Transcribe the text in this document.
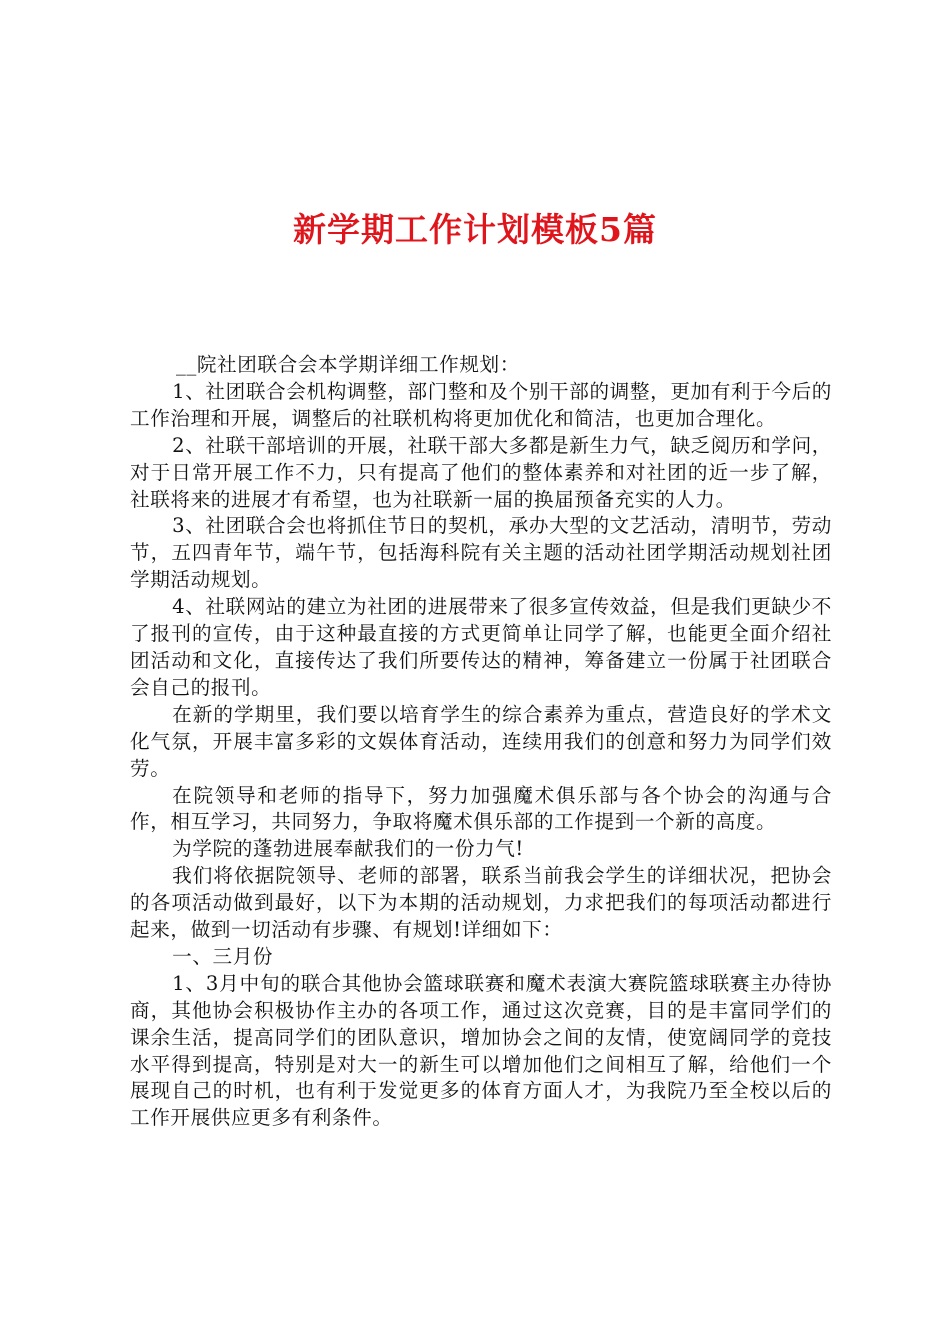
新学期工作计划模板5篇

__院社团联合会本学期详细工作规划：

1、社团联合会机构调整，部门整和及个别干部的调整，更加有利于今后的工作治理和开展，调整后的社联机构将更加优化和简洁，也更加合理化。

2、社联干部培训的开展，社联干部大多都是新生力气，缺乏阅历和学问，对于日常开展工作不力，只有提高了他们的整体素养和对社团的近一步了解，社联将来的进展才有希望，也为社联新一届的换届预备充实的人力。

3、社团联合会也将抓住节日的契机，承办大型的文艺活动，清明节，劳动节，五四青年节，端午节，包括海科院有关主题的活动社团学期活动规划社团学期活动规划。

4、社联网站的建立为社团的进展带来了很多宣传效益，但是我们更缺少不了报刊的宣传，由于这种最直接的方式更简单让同学了解，也能更全面介绍社团活动和文化，直接传达了我们所要传达的精神，筹备建立一份属于社团联合会自己的报刊。

在新的学期里，我们要以培育学生的综合素养为重点，营造良好的学术文化气氛，开展丰富多彩的文娱体育活动，连续用我们的创意和努力为同学们效劳。

在院领导和老师的指导下，努力加强魔术俱乐部与各个协会的沟通与合作，相互学习，共同努力，争取将魔术俱乐部的工作提到一个新的高度。

为学院的蓬勃进展奉献我们的一份力气!

我们将依据院领导、老师的部署，联系当前我会学生的详细状况，把协会的各项活动做到最好，以下为本期的活动规划，力求把我们的每项活动都进行起来，做到一切活动有步骤、有规划!详细如下：

一、三月份

1、3月中旬的联合其他协会篮球联赛和魔术表演大赛院篮球联赛主办待协商，其他协会积极协作主办的各项工作，通过这次竞赛，目的是丰富同学们的课余生活，提高同学们的团队意识，增加协会之间的友情，使宽阔同学的竞技水平得到提高，特别是对大一的新生可以增加他们之间相互了解，给他们一个展现自己的时机，也有利于发觉更多的体育方面人才，为我院乃至全校以后的工作开展供应更多有利条件。
